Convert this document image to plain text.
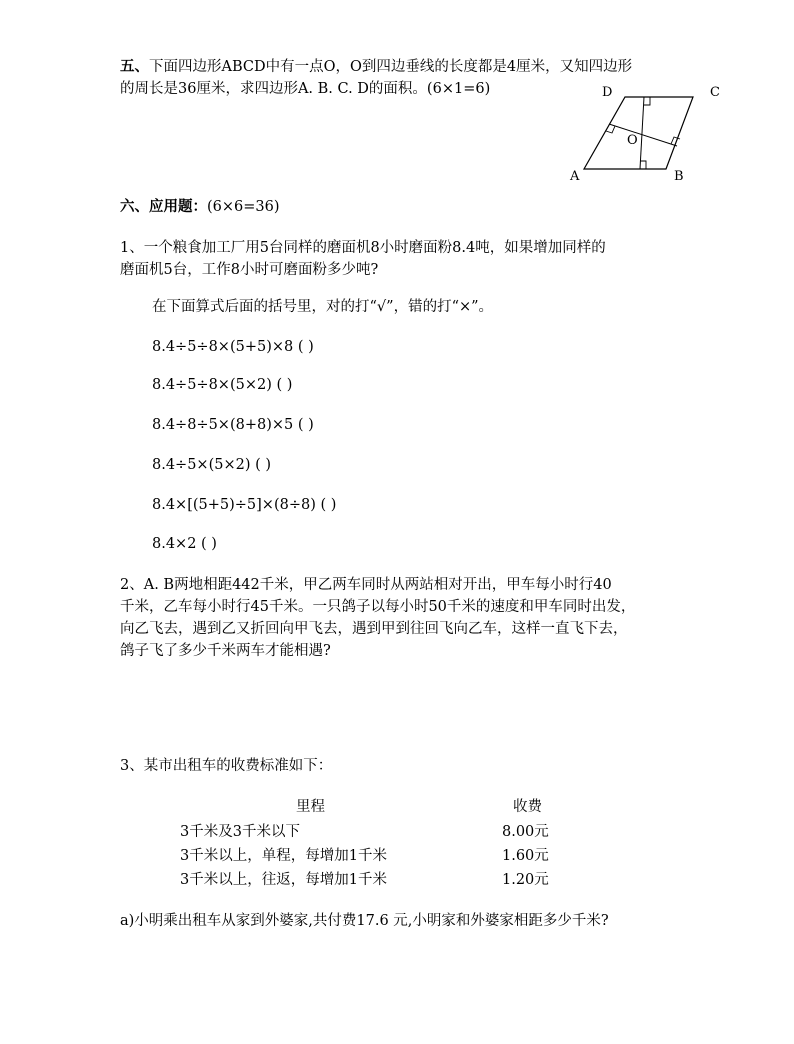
五、下面四边形ABCD中有一点O，O到四边垂线的长度都是4厘米，又知四边形
的周长是36厘米，求四边形A. B. C. D的面积。(6×1=6)	D	C
A	B
O
六、应用题：(6×6=36)
1、一个粮食加工厂用5台同样的磨面机8小时磨面粉8.4吨，如果增加同样的
磨面机5台，工作8小时可磨面粉多少吨?
在下面算式后面的括号里，对的打“√”，错的打“×”。
8.4÷5÷8×(5+5)×8 ( )
8.4÷5÷8×(5×2) ( )
8.4÷8÷5×(8+8)×5 ( )
8.4÷5×(5×2) ( )
8.4×[(5+5)÷5]×(8÷8) ( )
8.4×2 ( )
2、A. B两地相距442千米，甲乙两车同时从两站相对开出，甲车每小时行40
千米，乙车每小时行45千米。一只鸽子以每小时50千米的速度和甲车同时出发，
向乙飞去，遇到乙又折回向甲飞去，遇到甲到往回飞向乙车，这样一直飞下去，
鸽子飞了多少千米两车才能相遇?
3、某市出租车的收费标准如下：
里程	收费
3千米及3千米以下	8.00元
3千米以上，单程，每增加1千米	1.60元
3千米以上，往返，每增加1千米	1.20元
a)小明乘出租车从家到外婆家,共付费17.6 元,小明家和外婆家相距多少千米?
